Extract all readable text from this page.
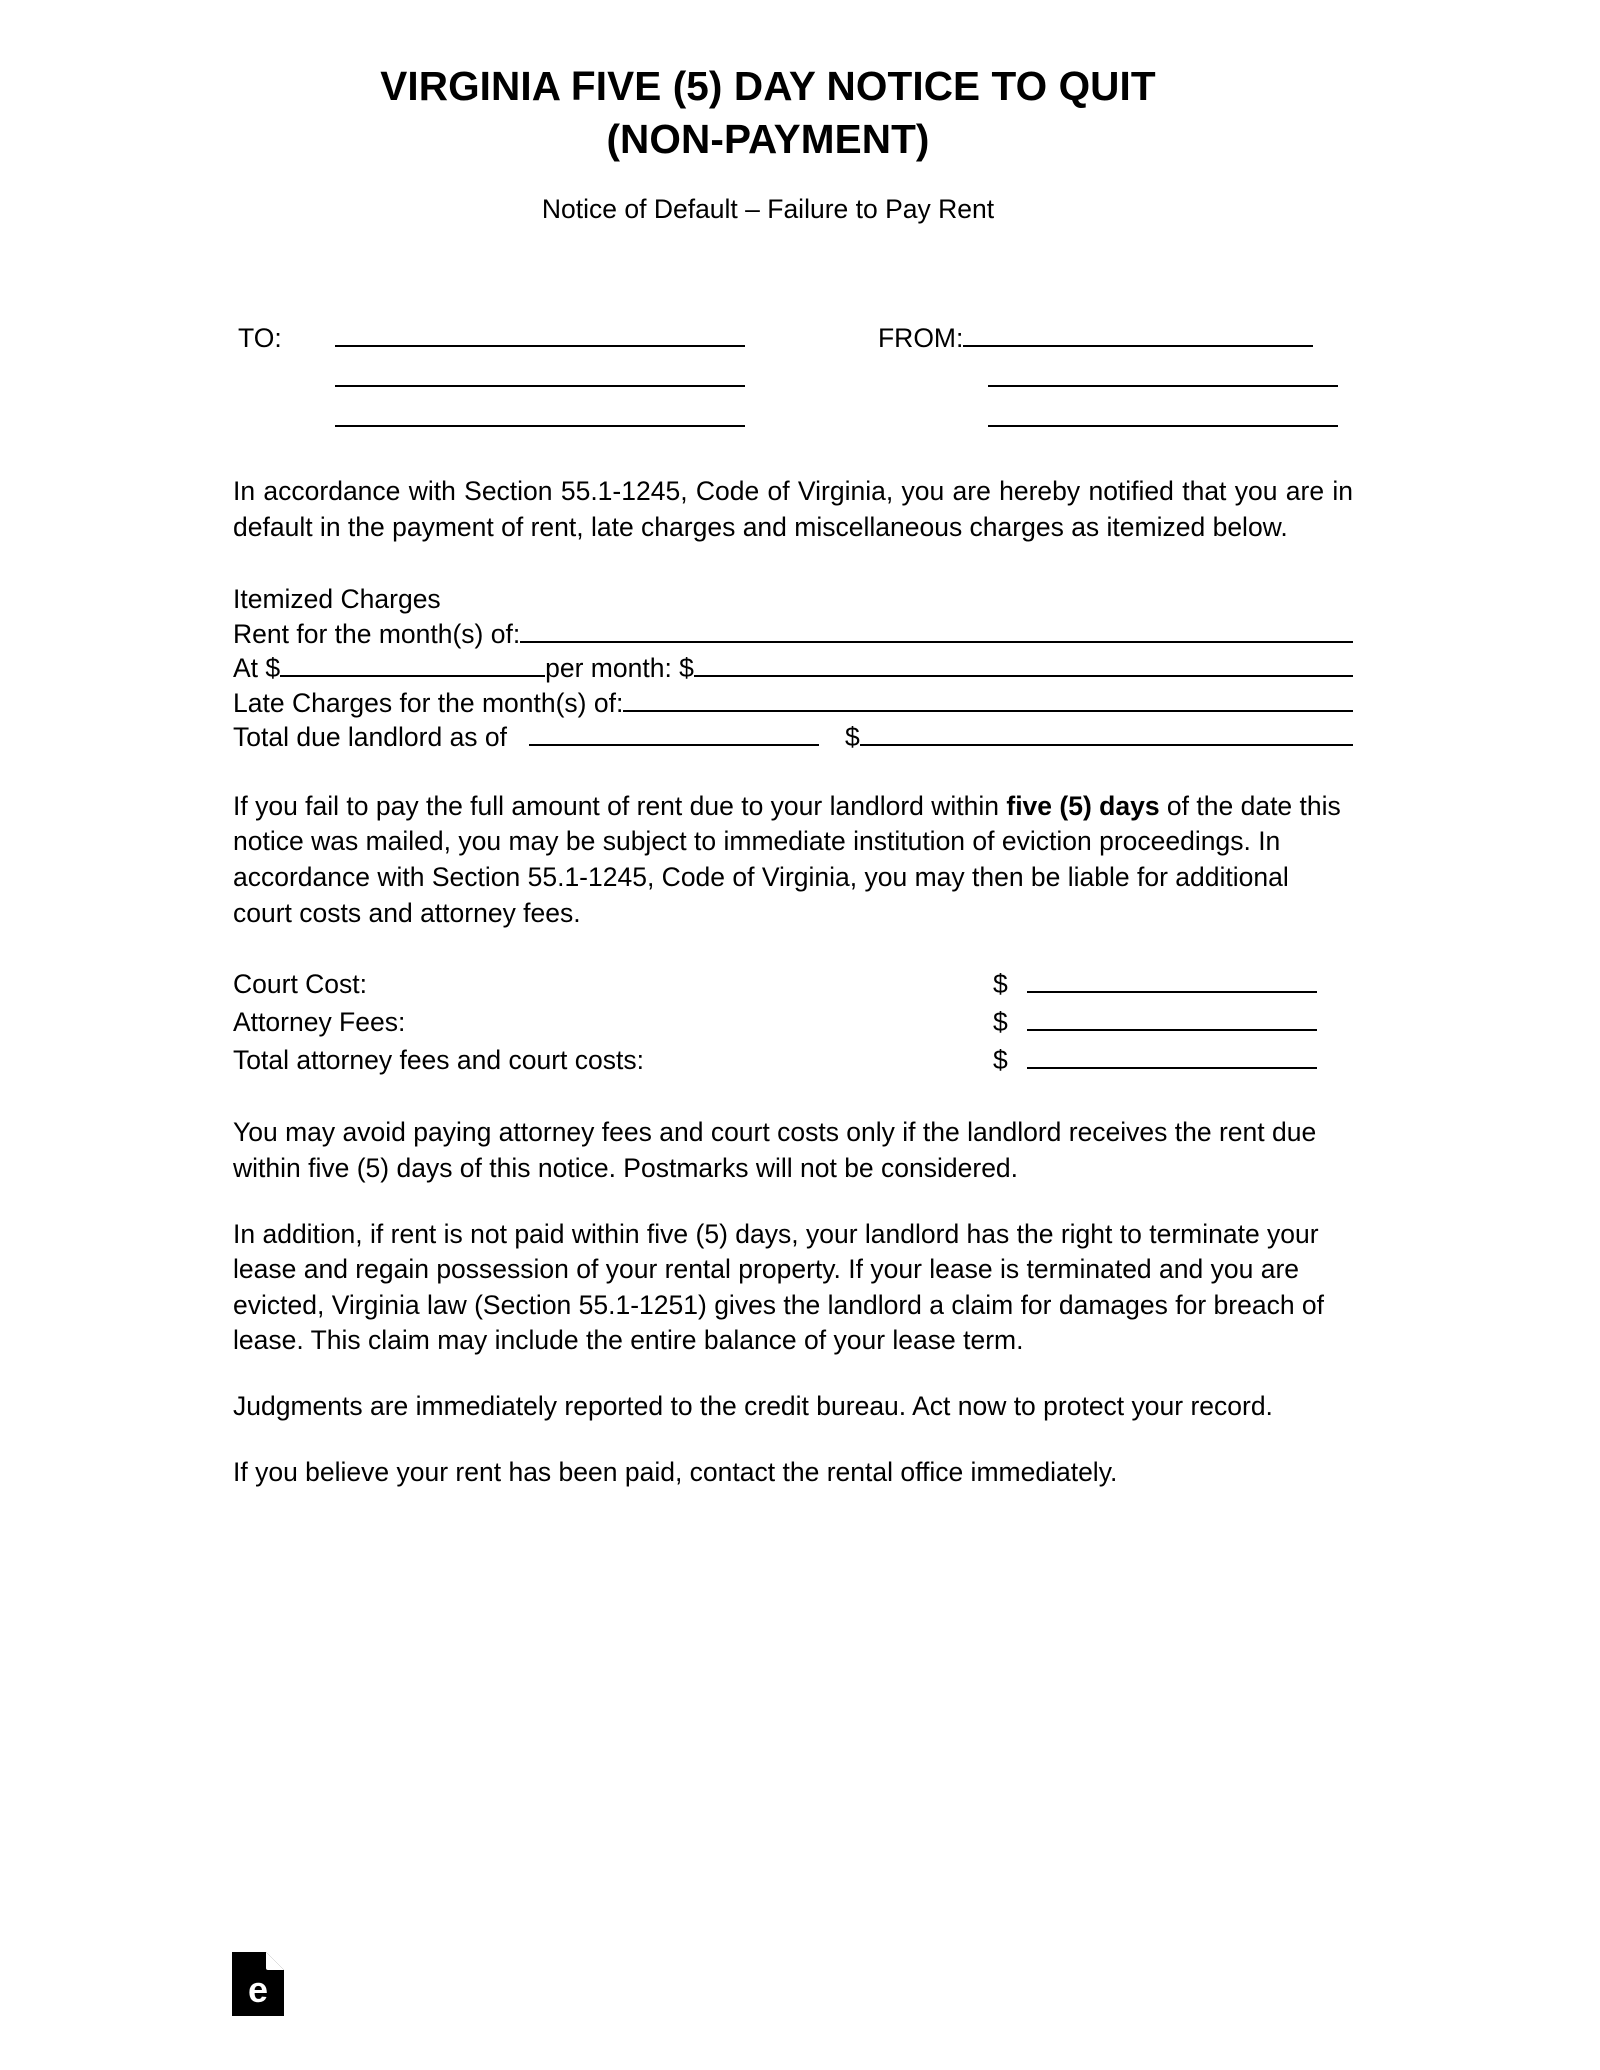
VIRGINIA FIVE (5) DAY NOTICE TO QUIT
(NON-PAYMENT)
Notice of Default – Failure to Pay Rent
TO:	FROM:

In accordance with Section 55.1-1245, Code of Virginia, you are hereby notified that you are in default in the payment of rent, late charges and miscellaneous charges as itemized below.

Itemized Charges
Rent for the month(s) of:
At $	per month: $
Late Charges for the month(s) of:
Total due landlord as of	$

If you fail to pay the full amount of rent due to your landlord within five (5) days of the date this notice was mailed, you may be subject to immediate institution of eviction proceedings. In accordance with Section 55.1-1245, Code of Virginia, you may then be liable for additional court costs and attorney fees.

Court Cost:	$
Attorney Fees:	$
Total attorney fees and court costs:	$

You may avoid paying attorney fees and court costs only if the landlord receives the rent due within five (5) days of this notice. Postmarks will not be considered.

In addition, if rent is not paid within five (5) days, your landlord has the right to terminate your lease and regain possession of your rental property. If your lease is terminated and you are evicted, Virginia law (Section 55.1-1251) gives the landlord a claim for damages for breach of lease. This claim may include the entire balance of your lease term.

Judgments are immediately reported to the credit bureau. Act now to protect your record.

If you believe your rent has been paid, contact the rental office immediately.

e
